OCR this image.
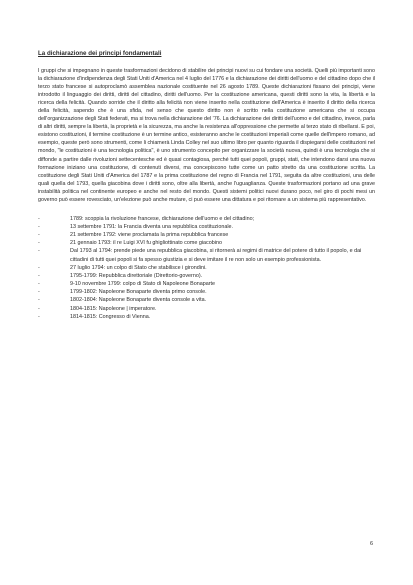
La dichiarazione dei principi fondamentali

I gruppi che si impegnano in queste trasformazioni decidono di stabilire dei principi nuovi su cui fondare una società. Quelli più importanti sono la dichiarazione d'indipendenza degli Stati Uniti d'America nel 4 luglio del 1776 e la dichiarazione dei diritti dell'uomo e del cittadino dopo che il terzo stato francese si autoproclamò assemblea nazionale costituente nel 26 agosto 1789. Queste dichiarazioni fissano dei principi, viene introdotto il linguaggio dei diritti, diritti del cittadino, diritti dell'uomo. Per la costituzione americana, questi diritti sono la vita, la libertà e la ricerca della felicità. Quando sorride che il diritto alla felicità non viene inserito nella costituzione dell'America è inserito il diritto della ricerca della felicità, sapendo che è una sfida, nel senso che questo diritto non è scritto nella costituzione americana che si occupa dell'organizzazione degli Stati federati, ma si trova nella dichiarazione del '76. La dichiarazione dei diritti dell'uomo e del cittadino, invece, parla di altri diritti, sempre la libertà, la proprietà e la sicurezza, ma anche la resistenza all'oppressione che permette al terzo stato di ribellarsi. E poi, esistono costituzioni, il termine costituzione è un termine antico, esisteranno anche le costituzioni imperiali come quelle dell'impero romano, ad esempio, queste però sono strumenti, come li chiamerà Linda Colley nel suo ultimo libro per quanto riguarda il dispiegarsi delle costituzioni nel mondo, "le costituzioni è una tecnologia politica", è uno strumento concepito per organizzare la società nuova, quindi è una tecnologia che si diffonde a partire dalle rivoluzioni settecentesche ed è quasi contagiosa, perché tutti quei popoli, gruppi, stati, che intendono darsi una nuova formazione iniziano una costituzione, di contenuti diversi, ma concepiscono tutte come un patto stretto da una costituzione scritta. La costituzione degli Stati Uniti d'America del 1787 e la prima costituzione del regno di Francia nel 1791, seguita da altre costituzioni, una delle quali quella del 1793, quella giacobina dove i diritti sono, oltre alla libertà, anche l'uguaglianza. Queste trasformazioni portano ad una grave instabilità politica nel continente europeo e anche nel resto del mondo. Questi sistemi politici nuovi durano poco, nel giro di pochi mesi un governo può essere rovesciato, un'elezione può anche mutare, ci può essere una dittatura e poi ritornare a un sistema più rappresentativo.

-	1789: scoppia la rivoluzione francese, dichiarazione dell'uomo e del cittadino;
-	13 settembre 1791: la Francia diventa una repubblica costituzionale.
-	21 settembre 1792: viene proclamata la prima repubblica francese
-	21 gennaio 1793: il re Luigi XVI fu ghigliottinato come giacobino
-	Dal 1793 al 1794: prende piede una repubblica giacobina, si ritornerà ai regimi di matrice del potere di tutto il popolo, e dai cittadini di tutti quei popoli si fa spesso giustizia e si deve imitare il re non solo un esempio professionista.
-	27 luglio 1794: un colpo di Stato che stabilisce i girondini.
-	1795-1799: Repubblica direttoriale (Direttorio-governo).
-	9-10 novembre 1799: colpo di Stato di Napoleone Bonaparte
-	1799-1802: Napoleone Bonaparte diventa primo console.
-	1802-1804: Napoleone Bonaparte diventa console a vita.
-	1804-1815: Napoleone | imperatore.
-	1814-1815: Congresso di Vienna.
6
